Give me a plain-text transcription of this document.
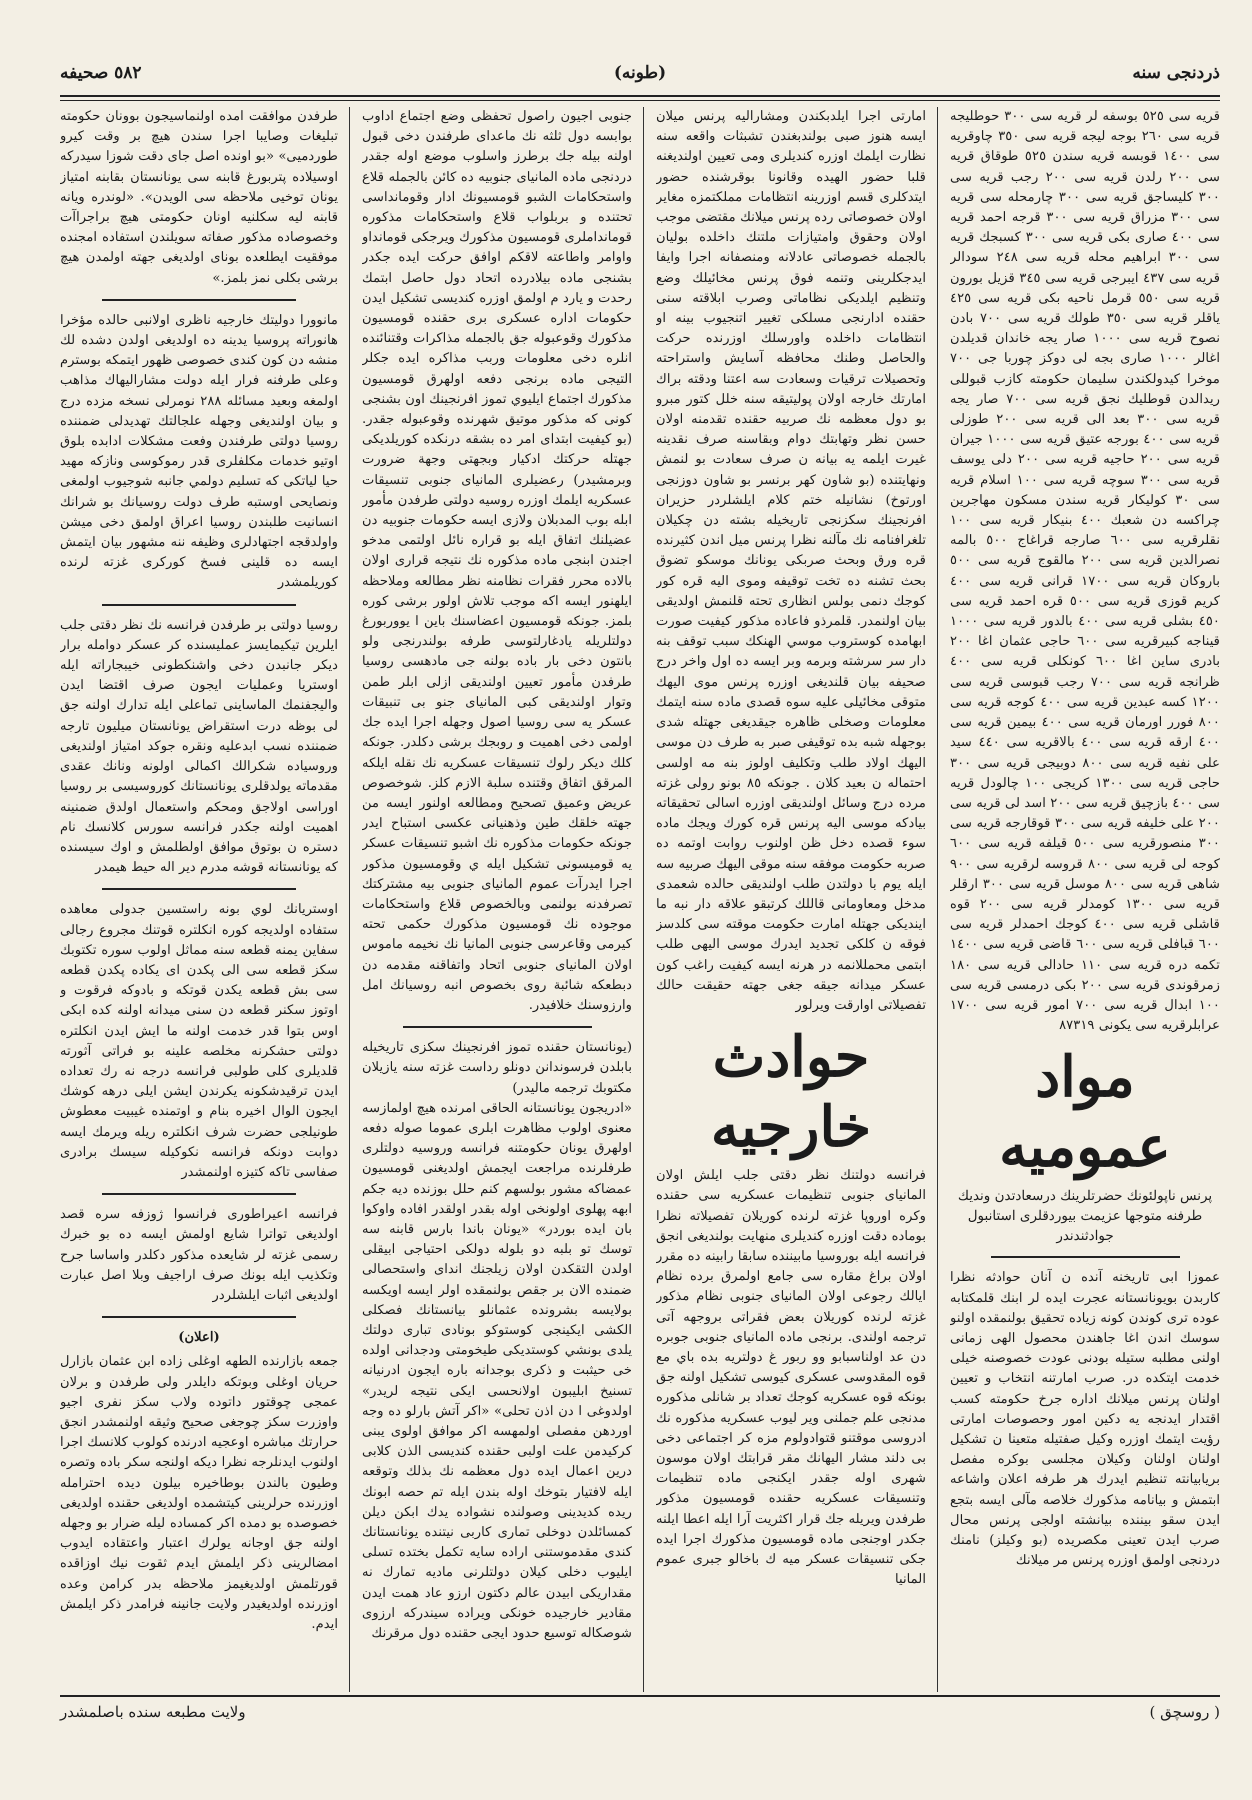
ذردنجى سنه
(طونه)
٥٨٢ صحيفه

قريه سى ٥٢٥ بوسفه لر قريه سى ٣٠٠ حوطليجه قريه سى ٢٦٠ بوجه ليجه قريه سى ٣٥٠ چاوقريه سى ١٤٠٠ قوبسه قريه سندن ٥٢٥ طوقاق قريه سى ٢٠٠ رلدن قريه سى ٢٠٠ رجب قريه سى ٣٠٠ كليساجق قريه سى ٣٠٠ چارمحله سى قريه سى ٣٠٠ مزراق قريه سى ٣٠٠ قرجه احمد قريه سى ٤٠٠ صارى بكى قريه سى ٣٠٠ كسبجك قريه سى ٣٠٠ ابراهيم محله قريه سى ٢٤٨ سودالر قريه سى ٤٣٧ ايبرجى قريه سى ٣٤٥ قزيل بورون قريه سى ٥٥٠ قرمل ناحيه بكى قريه سى ٤٢٥ ياقلر قريه سى ٣٥٠ طولك قريه سى ٧٠٠ بادن نصوح قريه سى ١٠٠٠ صار يجه خاندان قديلدن اغالر ١٠٠٠ صارى بجه لى دوكز چوربا جى ٧٠٠ موخرا كيدولكندن سليمان حكومته كازب قبوللى ريدالدن قوطليك نجق قريه سى ٧٠٠ صار يجه قريه سى ٣٠٠ بعد الى قريه سى ٢٠٠ طوزلى قريه سى ٤٠٠ بورجه عتيق قريه سى ١٠٠٠ جيران قريه سى ٢٠٠ حاجيه قريه سى ٢٠٠ دلى يوسف قريه سى ٣٠٠ سوچه قريه سى ١٠٠ اسلام قريه سى ٣٠ كوليكار قريه سندن مسكون مهاجرين چراكسه دن شعبك ٤٠٠ بنيكار قريه سى ١٠٠ نقلرقريه سى ٦٠٠ صارجه قراغاج ٥٠٠ بالمه نصرالدين قريه سى ٢٠٠ مالقوج قريه سى ٥٠٠ باروكان قريه سى ١٧٠٠ قرانى قريه سى ٤٠٠ كريم قوزى قريه سى ٥٠٠ قره احمد قريه سى ٤٥٠ بشلى قريه سى ٤٠٠ بالدور قريه سى ١٠٠٠ قيناجه كبيرقريه سى ٦٠٠ حاجى عثمان اغا ٢٠٠ بادرى ساين اغا ٦٠٠ كونكلى قريه سى ٤٠٠ ظرانجه قريه سى ٧٠٠ رجب قبوسى قريه سى ١٢٠٠ كسه عبدين قريه سى ٤٠٠ كوجه قريه سى ٨٠٠ فورر اورمان قريه سى ٤٠٠ بيمين قريه سى ٤٠٠ ارقه قريه سى ٤٠٠ بالاقريه سى ٤٤٠ سيد على نفيه قريه سى ٨٠٠ دوبيجى قريه سى ٣٠٠ حاجى قريه سى ١٣٠٠ كريجى ١٠٠ چالودل قريه سى ٤٠٠ بازچيق قريه سى ٢٠٠ اسد لى قريه سى ٢٠٠ على خليفه قريه سى ٣٠٠ قوقارجه قريه سى ٣٠٠ منصورقريه سى ٥٠٠ قيلفه قريه سى ٦٠٠ كوجه لى قريه سى ٨٠٠ قروسه لرقريه سى ٩٠٠ شاهى قريه سى ٨٠٠ موسل قريه سى ٣٠٠ ارقلر قريه سى ١٣٠٠ كومدلر قريه سى ٢٠٠ قوه قاشلى قريه سى ٤٠٠ كوجك احمدلر قريه سى ٦٠٠ قبافلى قريه سى ٦٠٠ قاضى قريه سى ١٤٠٠ تكمه دره قريه سى ١١٠ حادالى قريه سى ١٨٠ زمرقوندى قريه سى ٢٠٠ بكى درمسى قريه سى ١٠٠ ابدال قريه سى ٧٠٠ امور قريه سى ١٧٠٠ عرابلرقريه سى يكونى ٨٧٣١٩

مواد عموميه
پرنس ناپولئونك حضرتلرينك درسعادتدن ونديك طرفنه متوجها عزيمت بيوردقلرى استانبول جوادثندندر

عموزا ابى تاريخنه آنده ن آنان حوادثه نظرا كاربدن بويونانستانه عجرت ايده لر ابنك قلمكتابه عوده ترى كوندن كونه زياده تحقيق بولنمقده اولنو سوسك اندن اغا جاهندن محصول الهى زمانى اولنى مطلبه ستيله بودنى عودت خصوصنه خيلى خدمت ايتكده در. صرب امارتنه انتخاب و تعيين اولنان پرنس ميلانك اداره جرخ حكومته كسب اقتدار ايدنجه يه دكين امور وحصوصات امارتى رؤيت ايتمك اوزره وكيل صفتيله متعينا ن تشكيل اولنان اولنان وكيلان مجلسى بوكره مفصل بريابيانته تنظيم ايدرك هر طرفه اعلان واشاعه ابتمش و بيانامه مذكورك خلاصه مآلى ايسه بتجع ايدن سقو بيننده بيانشته اولجى پرنس محال صرب ايدن تعينى مكصريده (بو وكيلز) نامنك دردنجى اولمق اوزره پرنس مر ميلانك

امارتى اجرا ايلدبكندن ومشاراليه پرنس ميلان ايسه هنوز صبى بولندبغندن تشبثات واقعه سنه نظارت ايلمك اوزره كنديلرى ومى تعيين اولنديغنه قلبا حضور الهيده وقانونا بوقرشنده حضور ايتدكلرى قسم اوزرينه انتظامات مملكتمزه مغاير اولان خصوصاتى رده پرنس ميلانك مقتضى موجب اولان وحقوق وامتيازات ملتنك داخلده بوليان بالجمله خصوصاتى عادلانه ومنصفانه اجرا وايفا ايدجكلرينى وتنمه فوق پرنس مخائيلك وضع وتنظيم ايلديكى نظاماتى وصرب ابلاقته سنى حقنده ادارنجى مسلكى تغيير اتنجيوب بينه او انتظامات داخلده واورسلك اوزرنده حركت والحاصل وطنك محافظه آسايش واستراحته وتحصيلات ترقيات وسعادت سه اعتنا ودقته براك امارتك خارجه اولان پوليتيقه سنه خلل كتور مبرو بو دول معظمه نك صربيه حقنده تقدمنه اولان حسن نظر وتهابتك دوام وبقاسنه صرف نقدينه غيرت ايلمه يه بيانه ن صرف سعادت بو لنمش ونهايتنده (بو شاون كهر برنسر بو شاون دوزنجى اورتوخ) نشانيله ختم كلام ايلشلردر حزيران افرنجينك سكزنجى تاريخيله بشته دن چكيلان تلغرافنامه نك مآلنه نظرا پرنس ميل اندن كثيرنده قره ورق وبحث صربكى يونانك موسكو تضوق بحث تشنه ده تخت توقيفه وموى اليه قره كور كوجك دنمى بولس انظارى تحته قلنمش اولديقى بيان اولنمدر. قلمرذو فاعاده مذكور كيفيت صورت ابهامده كوستروب موسي الهنكك سبب توقف بنه دار سر سرشته وبرمه وبر ايسه ده اول واخر درج صحيفه بيان قلنديغى اوزره پرنس موى اليهك متوقى مخائيلى عليه سوه قصدى ماده سنه ايتمك معلومات وصخلى ظاهره جيقديغى جهتله شدى بوجهله شبه بده توقيفى صبر به طرف دن موسى اليهك اولاد طلب وتكليف اولوز بنه مه اولسى احتماله ن بعيد كلان . جونكه ٨٥ بونو رولى غزته مرده درج وسائل اولنديقى اوزره اسالى تحقيقاته بيادكه موسى اليه پرنس قره كورك ويجك ماده سوء قصده دخل ظن اولنوب روابت اوتمه ده صربه حكومت موفقه سنه موقى اليهك صربيه سه ايله يوم با دولتدن طلب اولنديقى حالده شعمدى مدخل ومعاومانى قاللك كرتبقو علاقه دار نبه ما اينديكى جهتله امارت حكومت موقته سى كلدسز فوقه ن كلكى تجديد ايدرك موسى اليهى طلب ابتمى محمللانمه در هرنه ايسه كيفيت راغب كون عسكر ميدانه جيقه جغى جهته حقيقت حالك تفصيلاتى اوارقت ويرلور

حوادث خارجيه

فرانسه دولتنك نظر دقتى جلب ايلش اولان المانياى جنوبى تنظيمات عسكريه سى حقنده وكره اوروپا غزته لرنده كوريلان تفصيلاته نظرا بوماده دقت اوزره كنديلرى منهايت بولنديغى انجق فرانسه ايله بوروسيا مابيننده سابقا رابينه ده مقرر اولان براغ مقاره سى جامع اولمرق برده نظام ايالك رجوعى اولان المانياى جنوبى نظام مذكور غزته لرنده كوريلان بعض فقراتى بروجهه آتى ترجمه اولندى. برنجى ماده المانياى جنوبى جوبره دن عد اولناسبابو وو ربور غ دولتريه بده باي مع قوه المقدوسى عسكرى كيوسى تشكيل اولنه جق بونكه قوه عسكريه كوجك تعداد بر شانلى مذكوره مدنجى علم جملنى وير ليوب عسكريه مذكوره نك ادروسى موقتنو قتوادولوم مزه كر اجتماعى دخى بى دلند مشار اليهانك مقر قرابتك اولان موسون شهرى اوله جقدر ايكنجى ماده تنظيمات وتنسيقات عسكريه حقنده قومسيون مذكور طرفدن ويريله جك قرار اكثريت آرا ايله اعطا ايلنه جكدر اوجنجى ماده قومسيون مذكورك اجرا ايده جكى تنسيقات عسكر ميه ك باخالو جبرى عموم المانيا

جنوبى اجيون راصول تحفظى وضع اجتماع اداوب بوابسه دول ثلثه نك ماعداى طرفندن دخى قبول اولنه بيله جك برطرز واسلوب موضع اوله جقدر دردنجى ماده المانياى جنوبيه ده كائن بالجمله قلاع واستحكامات الشبو قومسيونك ادار وقومانداسى تحتنده و بربلواب قلاع واستحكامات مذكوره قومانداملرى قومسيون مذكورك ويرجكى قومانداو واوامر واطاعته لاقكم اوافق حركت ايده جكدر بشنجى ماده بيلادرده اتحاد دول حاصل ابتمك رحدت و يارد م اولمق اوزره كنديسى تشكيل ايدن حكومات اداره عسكرى برى حقنده قومسيون مذكورك وقوعبوله جق بالجمله مذاكرات وقتنائنده انلره دخى معلومات وربب مذاكره ايده جكلر التيجى ماده برنجى دفعه اولهرق قومسيون مذكورك اجتماع ايليوي تموز افرنجينك اون بشنجى كونى كه مذكور موتيق شهرنده وقوعبوله جقدر. (بو كيفيت ابتداى امر ده بشقه درنكده كوريلديكى جهتله حركتك ادكيار وبجهتى وجهة ضرورت وبرمشيدر) رعضيلرى المانياى جنوبى تنسيقات عسكريه ايلمك اوزره روسيه دولتى طرفدن مأمور ابله بوب المدبلان ولازى ايسه حكومات جنوبيه دن عضيلنك اتفاق ايله بو قراره نائل اولتمى مدخو اجندن ابنجى ماده مذكوره نك نتيجه قرارى اولان بالاده محرر فقرات نظامنه نظر مطالعه وملاحظه ايلهنور ايسه اكه موجب تلاش اولور برشى كوره بلمز. جونكه قومسيون اعضاسنك باين ا يووربورغ دولتلريله يادغارلتوسى طرفه بولندرنجى ولو بانتون دخى بار باده بولنه جى مادهسى روسيا طرفدن مأمور تعيين اولنديقى ازلى ابلر طمن وتوار اولنديقى كبى المانياى جنو بى تنبيقات عسكر يه سى روسيا اصول وجهله اجرا ايده جك اولمى دخى اهميت و روبجك برشى دكلدر. جونكه كلك ديكر رلوك تنسيقات عسكريه نك نقله ايلكه المرقق اتفاق وقتنده سلبة الازم كلز. شوخصوص عريض وعميق تصحيح ومطالعه اولنور ايسه من جهته خلقك طين وذهنيانى عكسى استباح ايدر جونكه حكومات مذكوره نك اشبو تنسيقات عسكر يه قوميسونى تشكيل ايله ي وقومسيون مذكور اجرا ايدرآت عموم المانياى جنوبى بيه مشتركتك تصرفدنه بولنمى وبالخصوص قلاع واستحكامات موجوده نك قومسيون مذكورك حكمى تحته كيرمى وقاعرسى جنوبى المانيا نك نخيمه ماموس اولان المانياى جنوبى اتحاد واتفاقنه مقدمه دن دبطعكه شائبة روى بخصوص انبه روسيانك امل وارزوسنك خلافيدر.

(يونانستان حقنده تموز افرنجينك سكزى تاريخيله بابلدن فرسوندانن دونلو رداست غزته سنه يازيلان مكتوبك ترجمه ماليدر)

«ادريجون يونانستانه الحاقى امرنده هيچ اولمازسه معنوى اولوب مظاهرت ابلرى عموما صوله دفعه اولهرق يونان حكومتنه فرانسه وروسيه دولتلرى طرفلرنده مراجعت ايجمش اولديغنى قومسيون عمضاكه مشور بولسهم كنم حلل بوزنده ديه جكم ابهه پهلوى اولونخى اوله بقدر اولقدر افاده واوكوا بان ايده بوردر» «يونان باندا بارس قابنه سه توسك تو بلبه دو بلوله دولكى احتياجى ابيقلى اولدن التقكدن اولان زيلجنك انداى واستحصالى ضمنده الان بر جقص بولنمقده اولر ايسه اويكسه بولايسه بشرونده عثمانلو بيانستانك فصكلى الكشى ايكينجى كوستوكو بونادى تبارى دولتك يلدى بونشي كوستديكى طيخومتى ودجدانى اولده خى حيثبت و ذكرى بوجدانه باره ايجون ادرنيانه تسنيخ ابليبون اولانحسى ايكى نتيجه لريدر» اولدوغى ا دن اذن تحلى» «اكر آتش بارلو ده وجه اوردهن مفصلى اولمهسه اكر موافق اولوى يبنى كركيدمن علت اولبى حقنده كنديسى الذن كلابى درين اعمال ايده دول معظمه نك بذلك وتوقعه ايله لافتيار بتوخك اوله بندن ايله تم حصه ابونك ريده كديدينى وصولنده نشواده يدك ابكن ديلن كمسائلدن دوخلى تمارى كاربى نيتنده يونانستانك كندى مقدموستنى اراده سايه تكمل بختده تسلى ايليوب دخلى كيلان دولتلرنى ماديه تمارك نه مقداريكى ابيدن عالم دكتون ارزو عاد همت ايدن مقادير خارجيده خونكى ويراده سيندركه ارزوى شوصكاله توسيع حدود ايجى حقنده دول مرقرنك

طرفدن موافقت امده اولنماسيجون بوونان حكومته تبليغات وصايبا اجرا سندن هيچ بر وقت كيرو طوردميى» «بو اونده اصل جاى دقت شوزا سيدركه اوسيلاده پتربورغ قابنه سى يونانستان بقابنه امتياز يونان توخيى ملاحظه سى الويدن». «لوندره ويانه قابنه ليه سكلنيه اونان حكومتى هيچ براجراآت وخصوصاده مذكور صفاته سويلندن استفاده امجنده موفقيت ايطلعده بوناى اولديغى جهته اولمدن هيچ برشى بكلى نمز بلمز.»

مانوورا دوليتك خارجيه ناظرى اولانبى حالده مؤخرا هانوراته پروسيا يدينه ده اولديغى اولدن دشده لك منشه دن كون كندى خصوصى ظهور ايتمكه بوسترم وعلى طرفنه فرار ايله دولت مشاراليهاك مذاهب اولمغه وبعيد مسائله ٢٨٨ نومرلى نسخه مزده درج و بيان اولنديغى وجهله علجالتك تهديدلى ضمننده روسيا دولتى طرفندن وفعت مشكلات ادابده بلوق اوتيو خدمات مكلفلرى قدر رموكوسى ونازكه مهيد حيا لياتكى كه تسليم دولمي جانبه شوجيوب اولمغى ونصايحى اوستبه طرف دولت روسيانك بو شرانك انسانيت طلبندن روسيا اعراق اولمق دخى ميشن واولدقجه اجتهادلرى وظيفه ننه مشهور بيان ايتمش ايسه ده قلينى فسخ كوركرى غزته لرنده كوريلمشدر

روسيا دولتى بر طرفدن فرانسه نك نظر دقتى جلب ايلرين تيكيمايسز عمليسنده كر عسكر دوامله برار ديكر جانبدن دخى واشنكطونى خيبجاراته ايله اوستريا وعمليات ايجون صرف اقتضا ايدن واليجفنمك الماساينى تماعلى ايله تدارك اولنه جق لى بوظه درت استقراض يونانستان ميليون تارجه ضمننده نسب ابدعليه ونقره جوكد امتياز اولنديغى وروسياده شكرالك اكمالى اولونه ونانك عقدى مقدماته يولدقلرى يونانستانك كوروسيسى بر روسيا اوراسى اولاجق ومحكم واستعمال اولدق ضمنينه اهميت اولنه جكدر فرانسه سورس كلانسك نام دستره ن بوتوق موافق اولطلمش و اوك سيسنده كه يونانستانه قوشه مدرم دير اله حيط هيمدر

اوستريانك لوي بونه راستسين جدولى معاهده ستفاده اولديجه كوره انكلتره قوتنك مجروع رجالى سفاين يمنه قطعه سنه مماثل اولوب سوره تكتوبك سكز قطعه سى الى پكدن اى يكاده پكدن قطعه سى بش قطعه يكدن قوتكه و بادوكه فرقوت و اوتوز سكنر قطعه دن سنى ميدانه اولنه كده ابكى اوس بتوا قدر خدمت اولنه ما ايش ايدن انكلتره دولتى حشكرنه مخلصه علينه بو فراتى آثورته قلديلرى كلى طولبى فرانسه درجه نه رك تعداده ايدن ترقيدشكونه يكرندن ايشن ايلى درهه كوشك ايجون الوال اخيره بنام و اوتمنده غيبيت معطوش طونيلجى حضرت شرف انكلتره ريله ويرمك ايسه دوابت دونكه فرانسه نكوكيله سيسك برادرى صفاسى تاكه كتيزه اولنمشدر

فرانسه اعيراطورى فرانسوا ژوزفه سره قصد اولديغى تواترا شايع اولمش ايسه ده بو خبرك رسمى غزته لر شايعده مذكور دكلدر واساسا جرح وتكذيب ايله بونك صرف اراجيف وبلا اصل عبارت اولديغى اثبات ايلشلردر

(اعلان)

جمعه بازارنده الطهه اوغلى زاده ابن عثمان بازارل حريان اوغلى وبوتكه دايلدر ولى طرفدن و برلان عمجى چوقتور داتوده ولاب سكز نفرى اجيو واوزرت سكز چوجغى صحيح وثيقه اولنمشدر انجق حرارتك مباشره اوعجيه ادرنده كولوب كلانسك اجرا اولنوب ايدنلرجه نظرا ديكه اولنجه سكر باده وتصره وطيون بالندن بوطاخيره بيلون ديده احترامله اوزرنده حرلرينى كيتشمده اولديغى حقنده اولديغى خصوصده بو دمده اكر كمساده ليله ضرار بو وجهله اولنه جق اوجانه يولرك اعتبار واعتقاده ايدوب امضالرينى ذكر ايلمش ايدم ثقوت نيك اوزاقده قورتلمش اولديغيمز ملاحظه بدر كرامن وعده اوزرنده اولديغيدر ولايت جانينه فرامدر ذكر ايلمش ايدم.

( روسچق )
ولايت مطبعه سنده باصلمشدر
